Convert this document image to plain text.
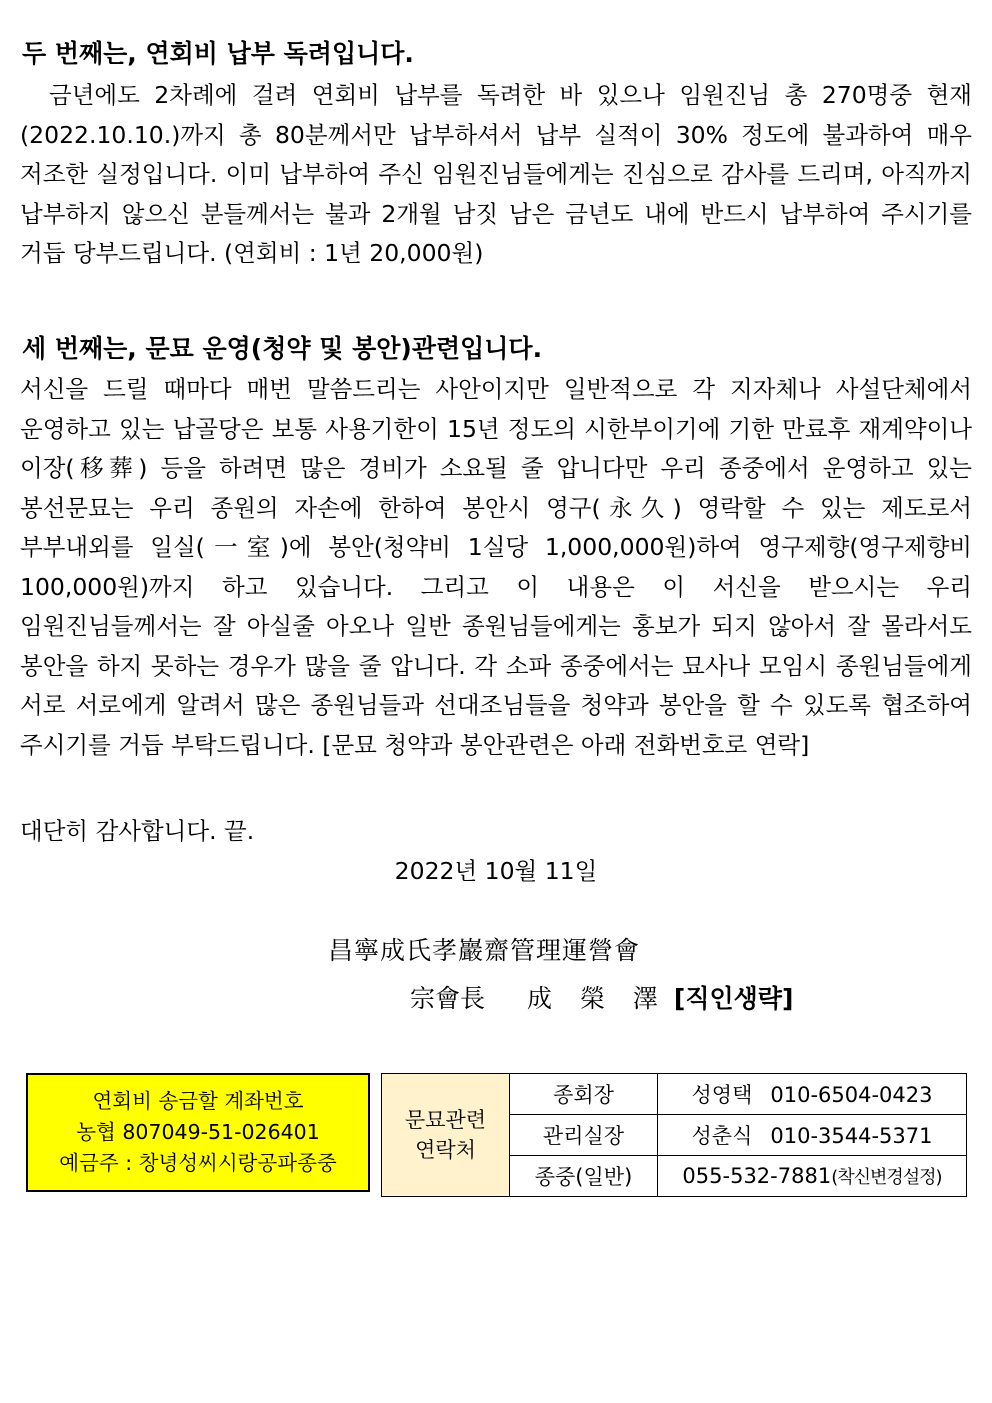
두 번째는, 연회비 납부 독려입니다.
금년에도 2차례에 걸려 연회비 납부를 독려한 바 있으나 임원진님 총 270명중 현재(2022.10.10.)까지 총 80분께서만 납부하셔서 납부 실적이 30% 정도에 불과하여 매우 저조한 실정입니다. 이미 납부하여 주신 임원진님들에게는 진심으로 감사를 드리며, 아직까지 납부하지 않으신 분들께서는 불과 2개월 남짓 남은 금년도 내에 반드시 납부하여 주시기를 거듭 당부드립니다. (연회비 : 1년 20,000원)
세 번째는, 문묘 운영(청약 및 봉안)관련입니다.
서신을 드릴 때마다 매번 말씀드리는 사안이지만 일반적으로 각 지자체나 사설단체에서 운영하고 있는 납골당은 보통 사용기한이 15년 정도의 시한부이기에 기한 만료후 재계약이나 이장(移葬) 등을 하려면 많은 경비가 소요될 줄 압니다만 우리 종중에서 운영하고 있는 봉선문묘는 우리 종원의 자손에 한하여 봉안시 영구(永久) 영락할 수 있는 제도로서 부부내외를 일실(一室)에 봉안(청약비 1실당 1,000,000원)하여 영구제향(영구제향비 100,000원)까지 하고 있습니다. 그리고 이 내용은 이 서신을 받으시는 우리 임원진님들께서는 잘 아실줄 아오나 일반 종원님들에게는 홍보가 되지 않아서 잘 몰라서도 봉안을 하지 못하는 경우가 많을 줄 압니다. 각 소파 종중에서는 묘사나 모임시 종원님들에게 서로 서로에게 알려서 많은 종원님들과 선대조님들을 청약과 봉안을 할 수 있도록 협조하여 주시기를 거듭 부탁드립니다. [문묘 청약과 봉안관련은 아래 전화번호로 연락]
대단히 감사합니다. 끝.
2022년 10월 11일
昌寧成氏孝巖齋管理運營會
宗會長 成 榮 澤 [직인생략]
연회비 송금할 계좌번호
농협 807049-51-026401
예금주 : 창녕성씨시랑공파종중
문묘관련
연락처	종회장	성영택 010-6504-0423
	관리실장	성춘식 010-3544-5371
	종중(일반)	055-532-7881(착신변경설정)
